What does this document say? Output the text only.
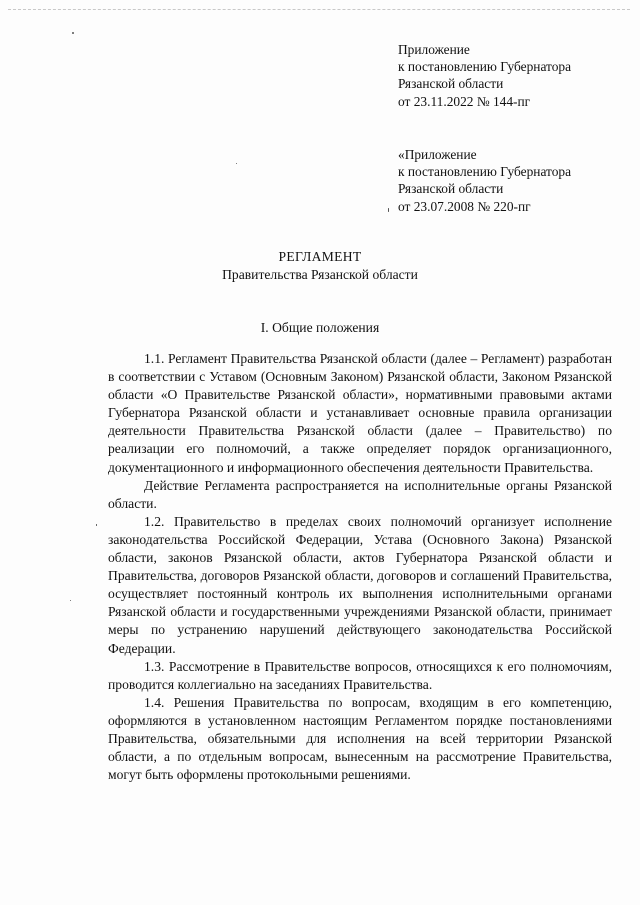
Приложение
к постановлению Губернатора
Рязанской области
от 23.11.2022 № 144-пг
«Приложение
к постановлению Губернатора
Рязанской области
от 23.07.2008 № 220-пг
РЕГЛАМЕНТ
Правительства Рязанской области
I. Общие положения

1.1. Регламент Правительства Рязанской области (далее – Регламент) разработан в соответствии с Уставом (Основным Законом) Рязанской области, Законом Рязанской области «О Правительстве Рязанской области», нормативными правовыми актами Губернатора Рязанской области и устанавливает основные правила организации деятельности Правительства Рязанской области (далее – Правительство) по реализации его полномочий, а также определяет порядок организационного, документационного и информационного обеспечения деятельности Правительства.

Действие Регламента распространяется на исполнительные органы Рязанской области.

1.2. Правительство в пределах своих полномочий организует исполнение законодательства Российской Федерации, Устава (Основного Закона) Рязанской области, законов Рязанской области, актов Губернатора Рязанской области и Правительства, договоров Рязанской области, договоров и соглашений Правительства, осуществляет постоянный контроль их выполнения исполнительными органами Рязанской области и государственными учреждениями Рязанской области, принимает меры по устранению нарушений действующего законодательства Российской Федерации.

1.3. Рассмотрение в Правительстве вопросов, относящихся к его полномочиям, проводится коллегиально на заседаниях Правительства.

1.4. Решения Правительства по вопросам, входящим в его компетенцию, оформляются в установленном настоящим Регламентом порядке постановлениями Правительства, обязательными для исполнения на всей территории Рязанской области, а по отдельным вопросам, вынесенным на рассмотрение Правительства, могут быть оформлены протокольными решениями.
